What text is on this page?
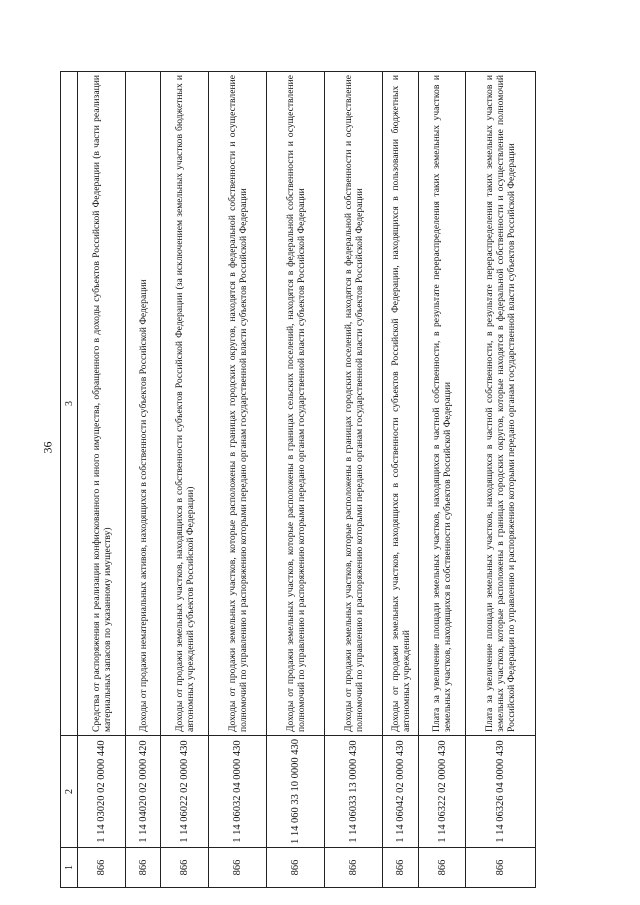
36
1	2	3
866	1 14 03020 02 0000 440	Средства от распоряжения и реализации конфискованного и иного имущества, обращенного в доходы субъектов Российской Федерации (в части реализации материальных запасов по указанному имуществу)
866	1 14 04020 02 0000 420	Доходы от продажи нематериальных активов, находящихся в собственности субъектов Российской Федерации
866	1 14 06022 02 0000 430	Доходы от продажи земельных участков, находящихся в собственности субъектов Российской Федерации (за исключением земельных участков бюджетных и автономных учреждений субъектов Российской Федерации)
866	1 14 06032 04 0000 430	Доходы от продажи земельных участков, которые расположены в границах городских округов, находятся в федеральной собственности и осуществление полномочий по управлению и распоряжению которыми передано органам государственной власти субъектов Российской Федерации
866	1 14 060 33 10 0000 430	Доходы от продажи земельных участков, которые расположены в границах сельских поселений, находятся в федеральной собственности и осуществление полномочий по управлению и распоряжению которыми передано органам государственной власти субъектов Российской Федерации
866	1 14 06033 13 0000 430	Доходы от продажи земельных участков, которые расположены в границах городских поселений, находятся в федеральной собственности и осуществление полномочий по управлению и распоряжению которыми передано органам государственной власти субъектов Российской Федерации
866	1 14 06042 02 0000 430	Доходы от продажи земельных участков, находящихся в собственности субъектов Российской Федерации, находящихся в пользовании бюджетных и автономных учреждений
866	1 14 06322 02 0000 430	Плата за увеличение площади земельных участков, находящихся в частной собственности, в результате перераспределения таких земельных участков и земельных участков, находящихся в собственности субъектов Российской Федерации
866	1 14 06326 04 0000 430	Плата за увеличение площади земельных участков, находящихся в частной собственности, в результате перераспределения таких земельных участков и земельных участков, которые расположены в границах городских округов, которые находятся в федеральной собственности и осуществление полномочий Российской Федерации по управлению и распоряжению которыми передано органам государственной власти субъектов Российской Федерации
